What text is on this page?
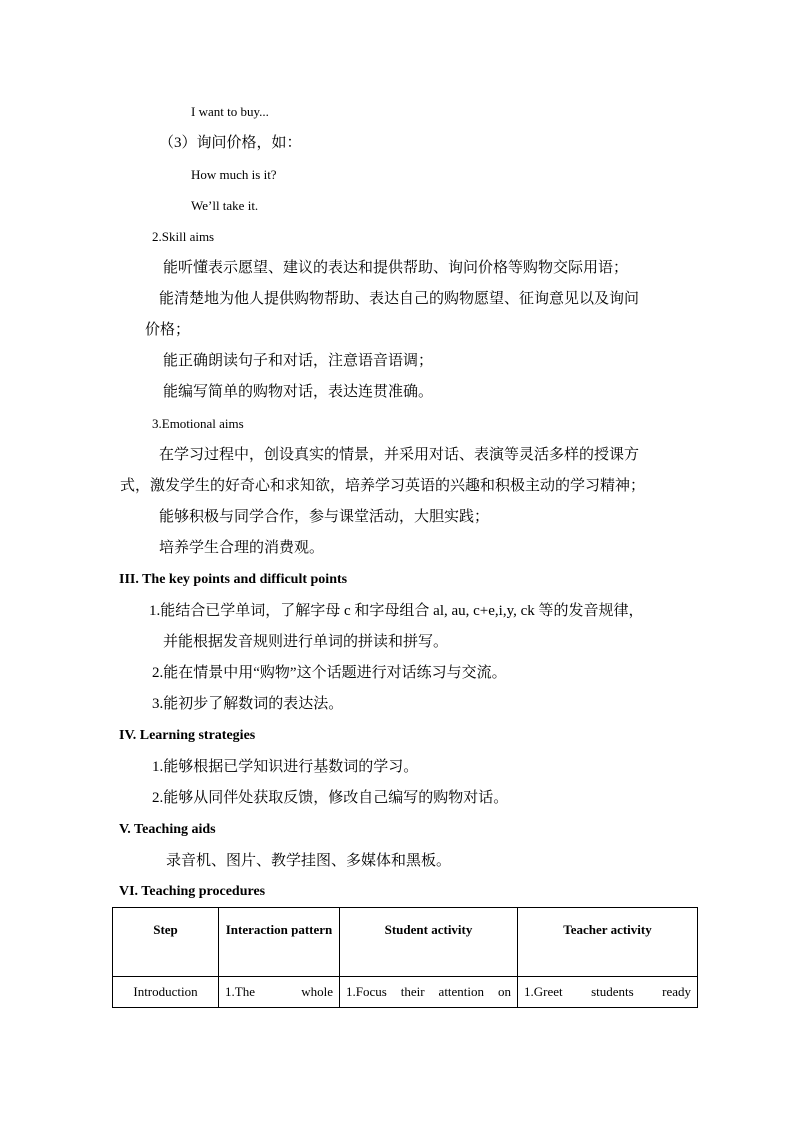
I want to buy...
（3）询问价格，如：
How much is it?
We’ll take it.
2.Skill aims
能听懂表示愿望、建议的表达和提供帮助、询问价格等购物交际用语；
能清楚地为他人提供购物帮助、表达自己的购物愿望、征询意见以及询问
价格；
能正确朗读句子和对话，注意语音语调；
能编写简单的购物对话，表达连贯准确。
3.Emotional aims
在学习过程中，创设真实的情景，并采用对话、表演等灵活多样的授课方
式，激发学生的好奇心和求知欲，培养学习英语的兴趣和积极主动的学习精神；
能够积极与同学合作，参与课堂活动，大胆实践；
培养学生合理的消费观。
III. The key points and difficult points
1.能结合已学单词，了解字母 c 和字母组合 al, au, c+e,i,y, ck 等的发音规律，
并能根据发音规则进行单词的拼读和拼写。
2.能在情景中用“购物”这个话题进行对话练习与交流。
3.能初步了解数词的表达法。
IV. Learning strategies
1.能够根据已学知识进行基数词的学习。
2.能够从同伴处获取反馈，修改自己编写的购物对话。
V. Teaching aids
录音机、图片、教学挂图、多媒体和黑板。
VI. Teaching procedures
Step	Interaction pattern	Student activity	Teacher activity
Introduction	1.The whole	1.Focus their attention on	1.Greet students ready
